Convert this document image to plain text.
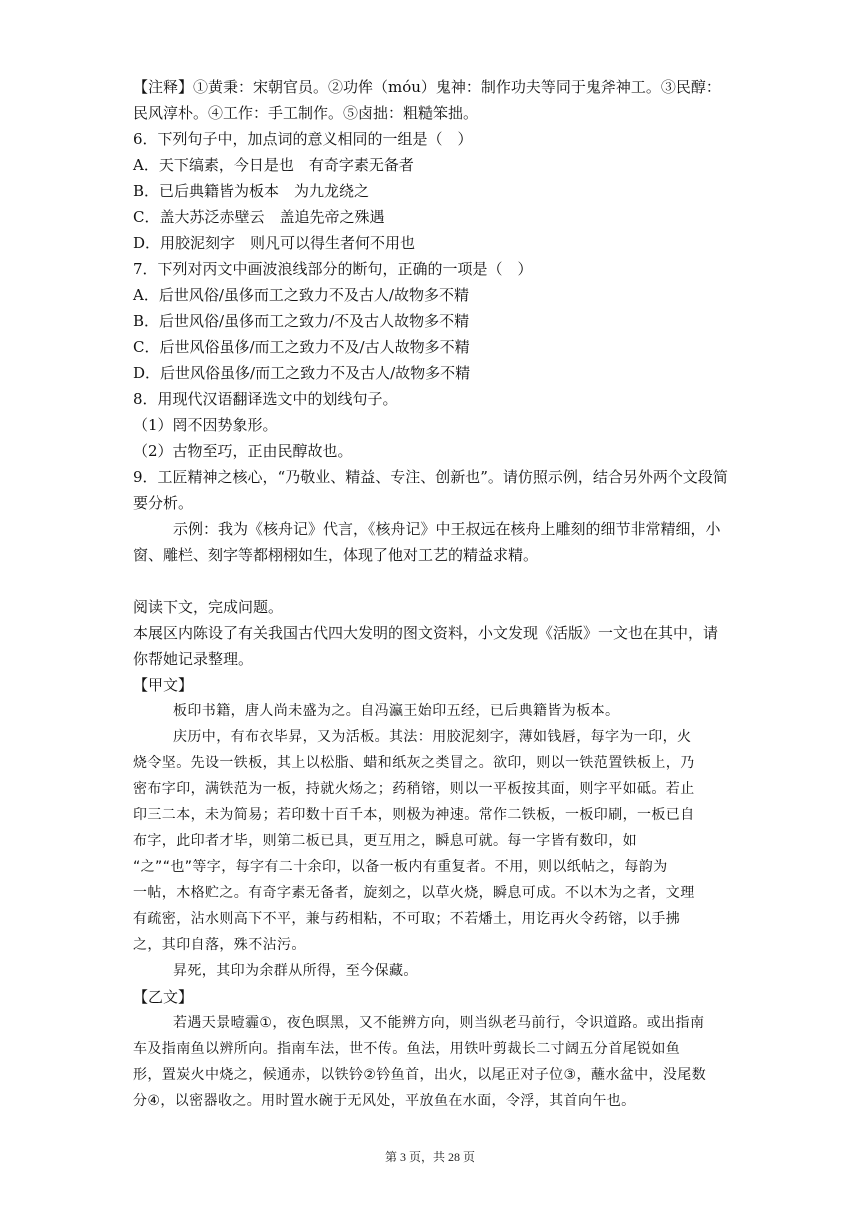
【注释】①黄秉：宋朝官员。②功侔（móu）鬼神：制作功夫等同于鬼斧神工。③民醇：
民风淳朴。④工作：手工制作。⑤卤拙：粗糙笨拙。
6．下列句子中，加点词的意义相同的一组是（　）
A．天下缟素，今日是也　有奇字素无备者
B．已后典籍皆为板本　为九龙绕之
C．盖大苏泛赤壁云　盖追先帝之殊遇
D．用胶泥刻字　则凡可以得生者何不用也
7．下列对丙文中画波浪线部分的断句，正确的一项是（　）
A．后世风俗/虽侈而工之致力不及古人/故物多不精
B．后世风俗/虽侈而工之致力/不及古人故物多不精
C．后世风俗虽侈/而工之致力不及/古人故物多不精
D．后世风俗虽侈/而工之致力不及古人/故物多不精
8．用现代汉语翻译选文中的划线句子。
（1）罔不因势象形。
（2）古物至巧，正由民醇故也。
9．工匠精神之核心，“乃敬业、精益、专注、创新也”。请仿照示例，结合另外两个文段简
要分析。
示例：我为《核舟记》代言，《核舟记》中王叔远在核舟上雕刻的细节非常精细，小
窗、雕栏、刻字等都栩栩如生，体现了他对工艺的精益求精。
阅读下文，完成问题。
本展区内陈设了有关我国古代四大发明的图文资料，小文发现《活版》一文也在其中，请
你帮她记录整理。
【甲文】
板印书籍，唐人尚未盛为之。自冯瀛王始印五经，已后典籍皆为板本。
庆历中，有布衣毕昇，又为活板。其法：用胶泥刻字，薄如钱唇，每字为一印，火
烧令坚。先设一铁板，其上以松脂、蜡和纸灰之类冒之。欲印，则以一铁范置铁板上，乃
密布字印，满铁范为一板，持就火炀之；药稍镕，则以一平板按其面，则字平如砥。若止
印三二本，未为简易；若印数十百千本，则极为神速。常作二铁板，一板印刷，一板已自
布字，此印者才毕，则第二板已具，更互用之，瞬息可就。每一字皆有数印，如
“之”“也”等字，每字有二十余印，以备一板内有重复者。不用，则以纸帖之，每韵为
一帖，木格贮之。有奇字素无备者，旋刻之，以草火烧，瞬息可成。不以木为之者，文理
有疏密，沾水则高下不平，兼与药相粘，不可取；不若燔土，用讫再火令药镕，以手拂
之，其印自落，殊不沾污。
昇死，其印为余群从所得，至今保藏。
【乙文】
若遇天景曀霾①，夜色暝黑，又不能辨方向，则当纵老马前行，令识道路。或出指南
车及指南鱼以辨所向。指南车法，世不传。鱼法，用铁叶剪裁长二寸阔五分首尾锐如鱼
形，置炭火中烧之，候通赤，以铁钤②钤鱼首，出火，以尾正对子位③，蘸水盆中，没尾数
分④，以密器收之。用时置水碗于无风处，平放鱼在水面，令浮，其首向午也。
第 3 页，共 28 页
